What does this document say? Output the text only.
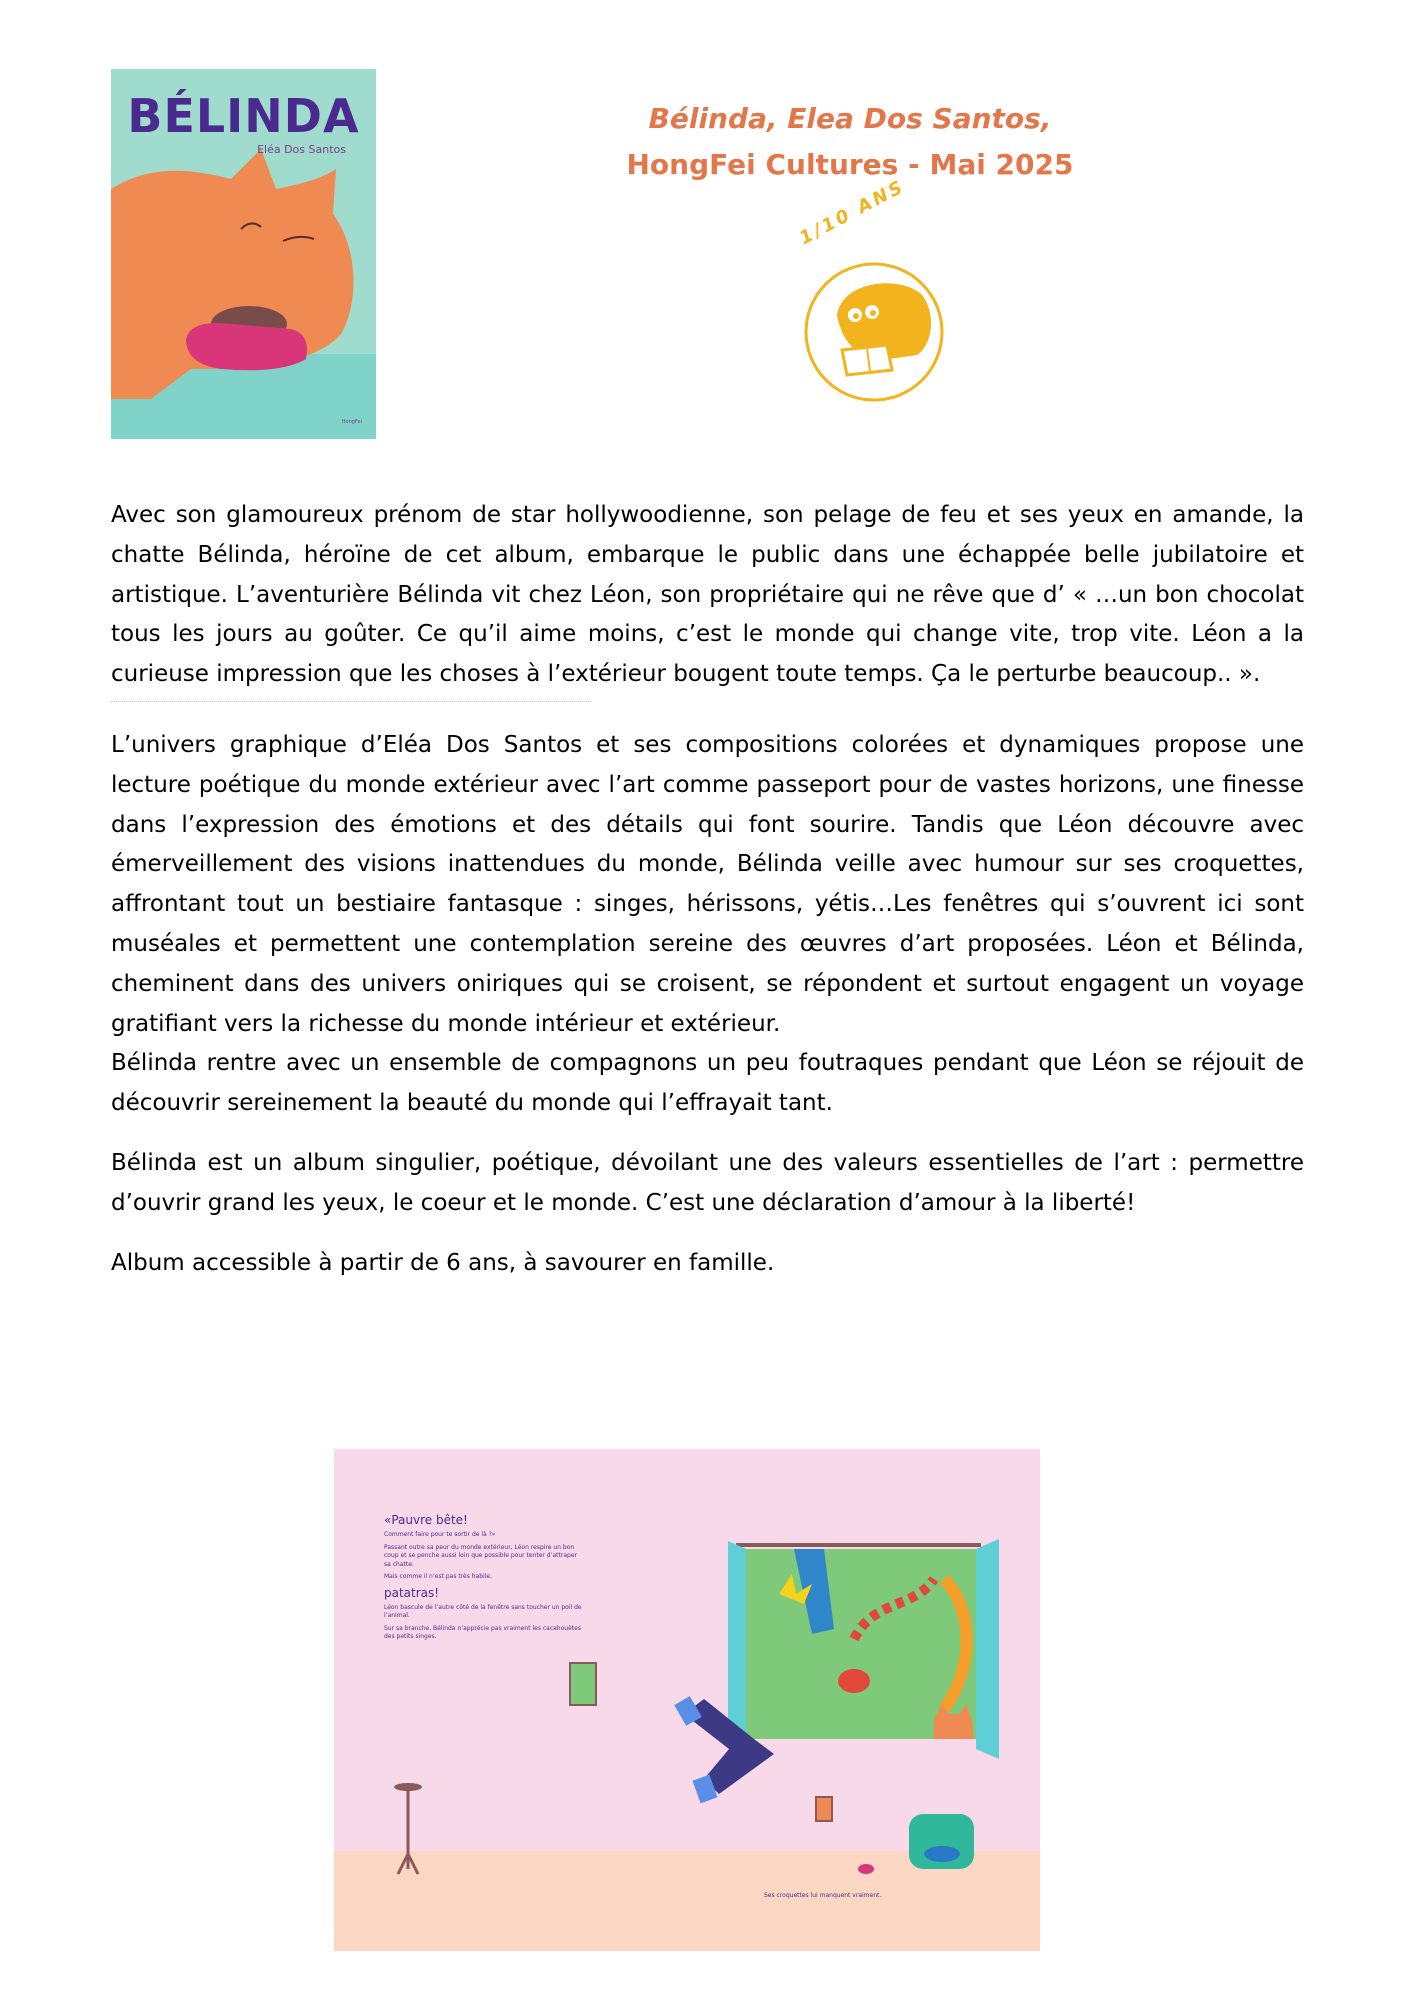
BÉLINDA
Eléa Dos Santos
HongFei
Bélinda, Elea Dos Santos,
HongFei Cultures - Mai 2025
1/10 ANS

Avec son glamoureux prénom de star hollywoodienne, son pelage de feu et ses yeux en amande, la chatte Bélinda, héroïne de cet album, embarque le public dans une échappée belle jubilatoire et artistique. L’aventurière Bélinda vit chez Léon, son propriétaire qui ne rêve que d’ « …un bon chocolat tous les jours au goûter. Ce qu’il aime moins, c’est le monde qui change vite, trop vite. Léon a la curieuse impression que les choses à l’extérieur bougent toute temps. Ça le perturbe beaucoup.. ».

L’univers graphique d’Eléa Dos Santos et ses compositions colorées et dynamiques propose une lecture poétique du monde extérieur avec l’art comme passeport pour de vastes horizons, une finesse dans l’expression des émotions et des détails qui font sourire. Tandis que Léon découvre avec émerveillement des visions inattendues du monde, Bélinda veille avec humour sur ses croquettes, affrontant tout un bestiaire fantasque : singes, hérissons, yétis…Les fenêtres qui s’ouvrent ici sont muséales et permettent une contemplation sereine des œuvres d’art proposées. Léon et Bélinda, cheminent dans des univers oniriques qui se croisent, se répondent et surtout engagent un voyage gratifiant vers la richesse du monde intérieur et extérieur.

Bélinda rentre avec un ensemble de compagnons un peu foutraques pendant que Léon se réjouit de découvrir sereinement la beauté du monde qui l’effrayait tant.

Bélinda est un album singulier, poétique, dévoilant une des valeurs essentielles de l’art : permettre d’ouvrir grand les yeux, le coeur et le monde. C’est une déclaration d’amour à la liberté!

Album accessible à partir de 6 ans, à savourer en famille.

«Pauvre bête!

Comment faire pour te sortir de là ?»

Passant outre sa peur du monde extérieur, Léon respire un bon coup et se penche aussi loin que possible pour tenter d’attraper sa chatte.

Mais comme il n’est pas très habile,

patatras!

Léon bascule de l’autre côté de la fenêtre sans toucher un poil de l’animal.

Sur sa branche, Bélinda n’apprécie pas vraiment les cacahouètes des petits singes.

Ses croquettes lui manquent vraiment.
